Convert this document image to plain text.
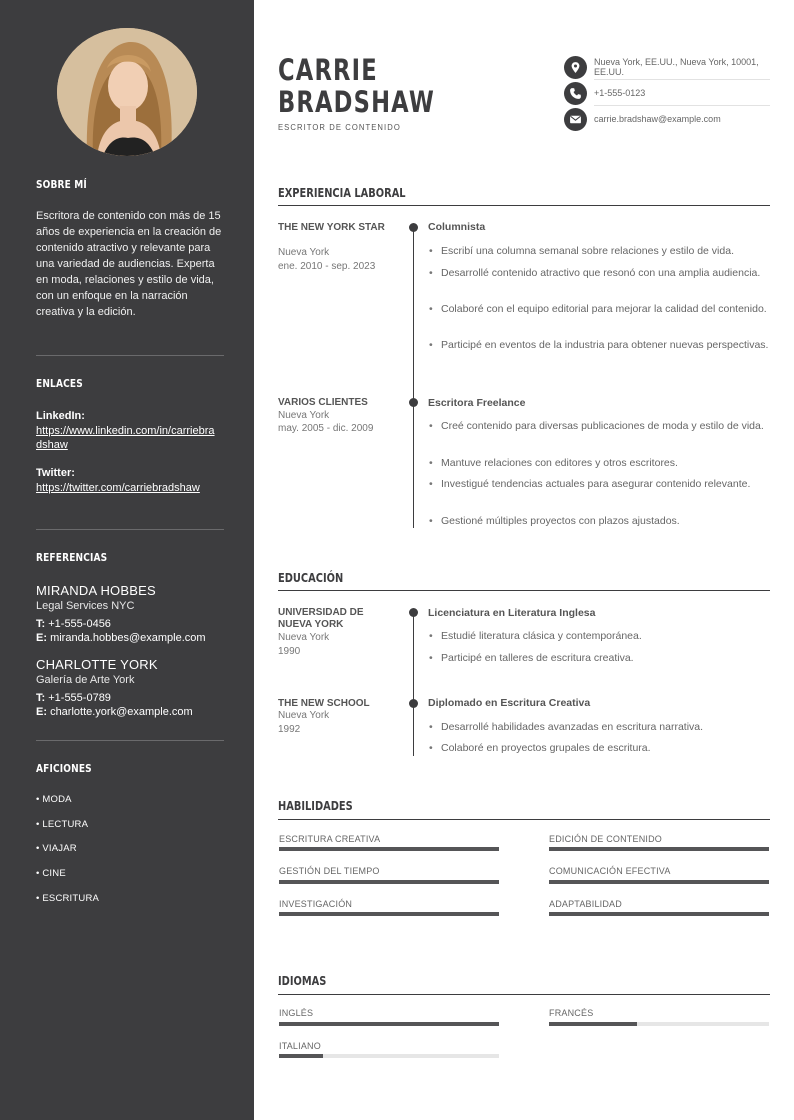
SOBRE MÍ
Escritora de contenido con más de 15 años de experiencia en la creación de contenido atractivo y relevante para una variedad de audiencias. Experta en moda, relaciones y estilo de vida, con un enfoque en la narración creativa y la edición.
ENLACES
LinkedIn:
https://www.linkedin.com/in/carriebradshaw
Twitter:
https://twitter.com/carriebradshaw
REFERENCIAS
MIRANDA HOBBES
Legal Services NYC
T: +1-555-0456
E: miranda.hobbes@example.com
CHARLOTTE YORK
Galería de Arte York
T: +1-555-0789
E: charlotte.york@example.com
AFICIONES
• MODA
• LECTURA
• VIAJAR
• CINE
• ESCRITURA
CARRIE
BRADSHAW
ESCRITOR DE CONTENIDO
Nueva York, EE.UU., Nueva York, 10001, EE.UU.
+1-555-0123
carrie.bradshaw@example.com
EXPERIENCIA LABORAL
THE NEW YORK STAR
Nueva York
ene. 2010 - sep. 2023
Columnista
• Escribí una columna semanal sobre relaciones y estilo de vida.
• Desarrollé contenido atractivo que resonó con una amplia audiencia.
• Colaboré con el equipo editorial para mejorar la calidad del contenido.
• Participé en eventos de la industria para obtener nuevas perspectivas.
VARIOS CLIENTES
Nueva York
may. 2005 - dic. 2009
Escritora Freelance
• Creé contenido para diversas publicaciones de moda y estilo de vida.
• Mantuve relaciones con editores y otros escritores.
• Investigué tendencias actuales para asegurar contenido relevante.
• Gestioné múltiples proyectos con plazos ajustados.
EDUCACIÓN
UNIVERSIDAD DE NUEVA YORK
Nueva York
1990
Licenciatura en Literatura Inglesa
• Estudié literatura clásica y contemporánea.
• Participé en talleres de escritura creativa.
THE NEW SCHOOL
Nueva York
1992
Diplomado en Escritura Creativa
• Desarrollé habilidades avanzadas en escritura narrativa.
• Colaboré en proyectos grupales de escritura.
HABILIDADES
ESCRITURA CREATIVA	EDICIÓN DE CONTENIDO
GESTIÓN DEL TIEMPO	COMUNICACIÓN EFECTIVA
INVESTIGACIÓN	ADAPTABILIDAD
IDIOMAS
INGLÉS	FRANCÉS
ITALIANO
